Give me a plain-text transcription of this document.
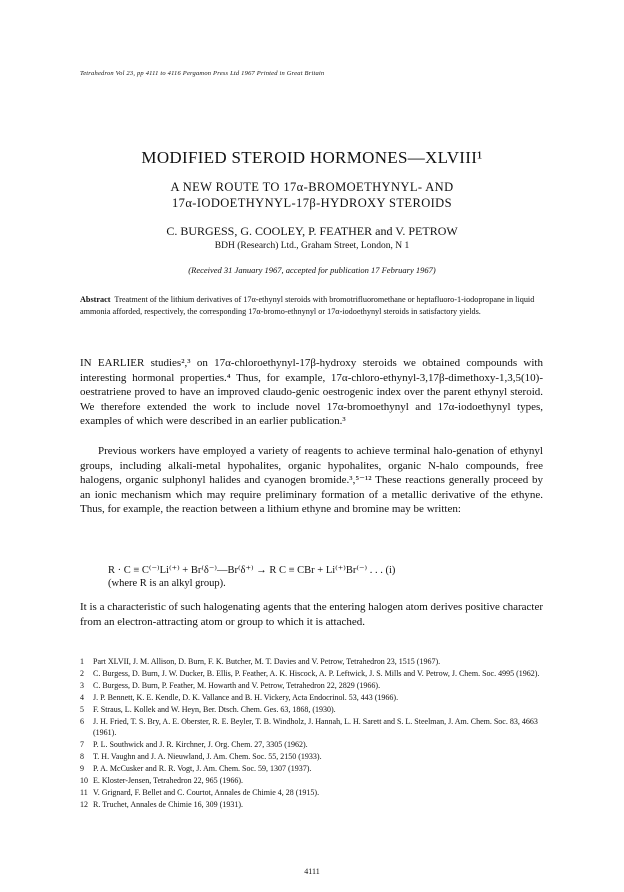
Tetrahedron Vol 23, pp 4111 to 4116 Pergamon Press Ltd 1967 Printed in Great Britain
MODIFIED STEROID HORMONES—XLVIII¹
A NEW ROUTE TO 17α-BROMOETHYNYL- AND
17α-IODOETHYNYL-17β-HYDROXY STEROIDS
C. BURGESS, G. COOLEY, P. FEATHER and V. PETROW
BDH (Research) Ltd., Graham Street, London, N 1
(Received 31 January 1967, accepted for publication 17 February 1967)
Abstract Treatment of the lithium derivatives of 17α-ethynyl steroids with bromotrifluoromethane or heptafluoro-1-iodopropane in liquid ammonia afforded, respectively, the corresponding 17α-bromo-ethnynyl or 17α-iodoethynyl steroids in satisfactory yields.
IN EARLIER studies²,³ on 17α-chloroethynyl-17β-hydroxy steroids we obtained compounds with interesting hormonal properties.⁴ Thus, for example, 17α-chloro-ethynyl-3,17β-dimethoxy-1,3,5(10)-oestratriene proved to have an improved claudo-genic oestrogenic index over the parent ethynyl steroid. We therefore extended the work to include novel 17α-bromoethynyl and 17α-iodoethynyl types, examples of which were described in an earlier publication.³
Previous workers have employed a variety of reagents to achieve terminal halo-genation of ethynyl groups, including alkali-metal hypohalites, organic hypohalites, organic N-halo compounds, free halogens, organic sulphonyl halides and cyanogen bromide.³,⁵⁻¹² These reactions generally proceed by an ionic mechanism which may require preliminary formation of a metallic derivative of the ethyne. Thus, for example, the reaction between a lithium ethyne and bromine may be written:
R · C ≡ C⁽⁻⁾Li⁽⁺⁾ + Br⁽δ⁻⁾—Br⁽δ⁺⁾ → R C ≡ CBr + Li⁽⁺⁾Br⁽⁻⁾ . . . (i)
(where R is an alkyl group).
It is a characteristic of such halogenating agents that the entering halogen atom derives positive character from an electron-attracting atom or group to which it is attached.
1 Part XLVII, J. M. Allison, D. Burn, F. K. Butcher, M. T. Davies and V. Petrow, Tetrahedron 23, 1515 (1967).
2 C. Burgess, D. Burn, J. W. Ducker, B. Ellis, P. Feather, A. K. Hiscock, A. P. Leftwick, J. S. Mills and V. Petrow, J. Chem. Soc. 4995 (1962).
3 C. Burgess, D. Burn, P. Feather, M. Howarth and V. Petrow, Tetrahedron 22, 2829 (1966).
4 J. P. Bennett, K. E. Kendle, D. K. Vallance and B. H. Vickery, Acta Endocrinol. 53, 443 (1966).
5 F. Straus, L. Kollek and W. Heyn, Ber. Dtsch. Chem. Ges. 63, 1868, (1930).
6 J. H. Fried, T. S. Bry, A. E. Oberster, R. E. Beyler, T. B. Windholz, J. Hannah, L. H. Sarett and S. L. Steelman, J. Am. Chem. Soc. 83, 4663 (1961).
7 P. L. Southwick and J. R. Kirchner, J. Org. Chem. 27, 3305 (1962).
8 T. H. Vaughn and J. A. Nieuwland, J. Am. Chem. Soc. 55, 2150 (1933).
9 P. A. McCusker and R. R. Vogt, J. Am. Chem. Soc. 59, 1307 (1937).
10 E. Kloster-Jensen, Tetrahedron 22, 965 (1966).
11 V. Grignard, F. Bellet and C. Courtot, Annales de Chimie 4, 28 (1915).
12 R. Truchet, Annales de Chimie 16, 309 (1931).
4111
